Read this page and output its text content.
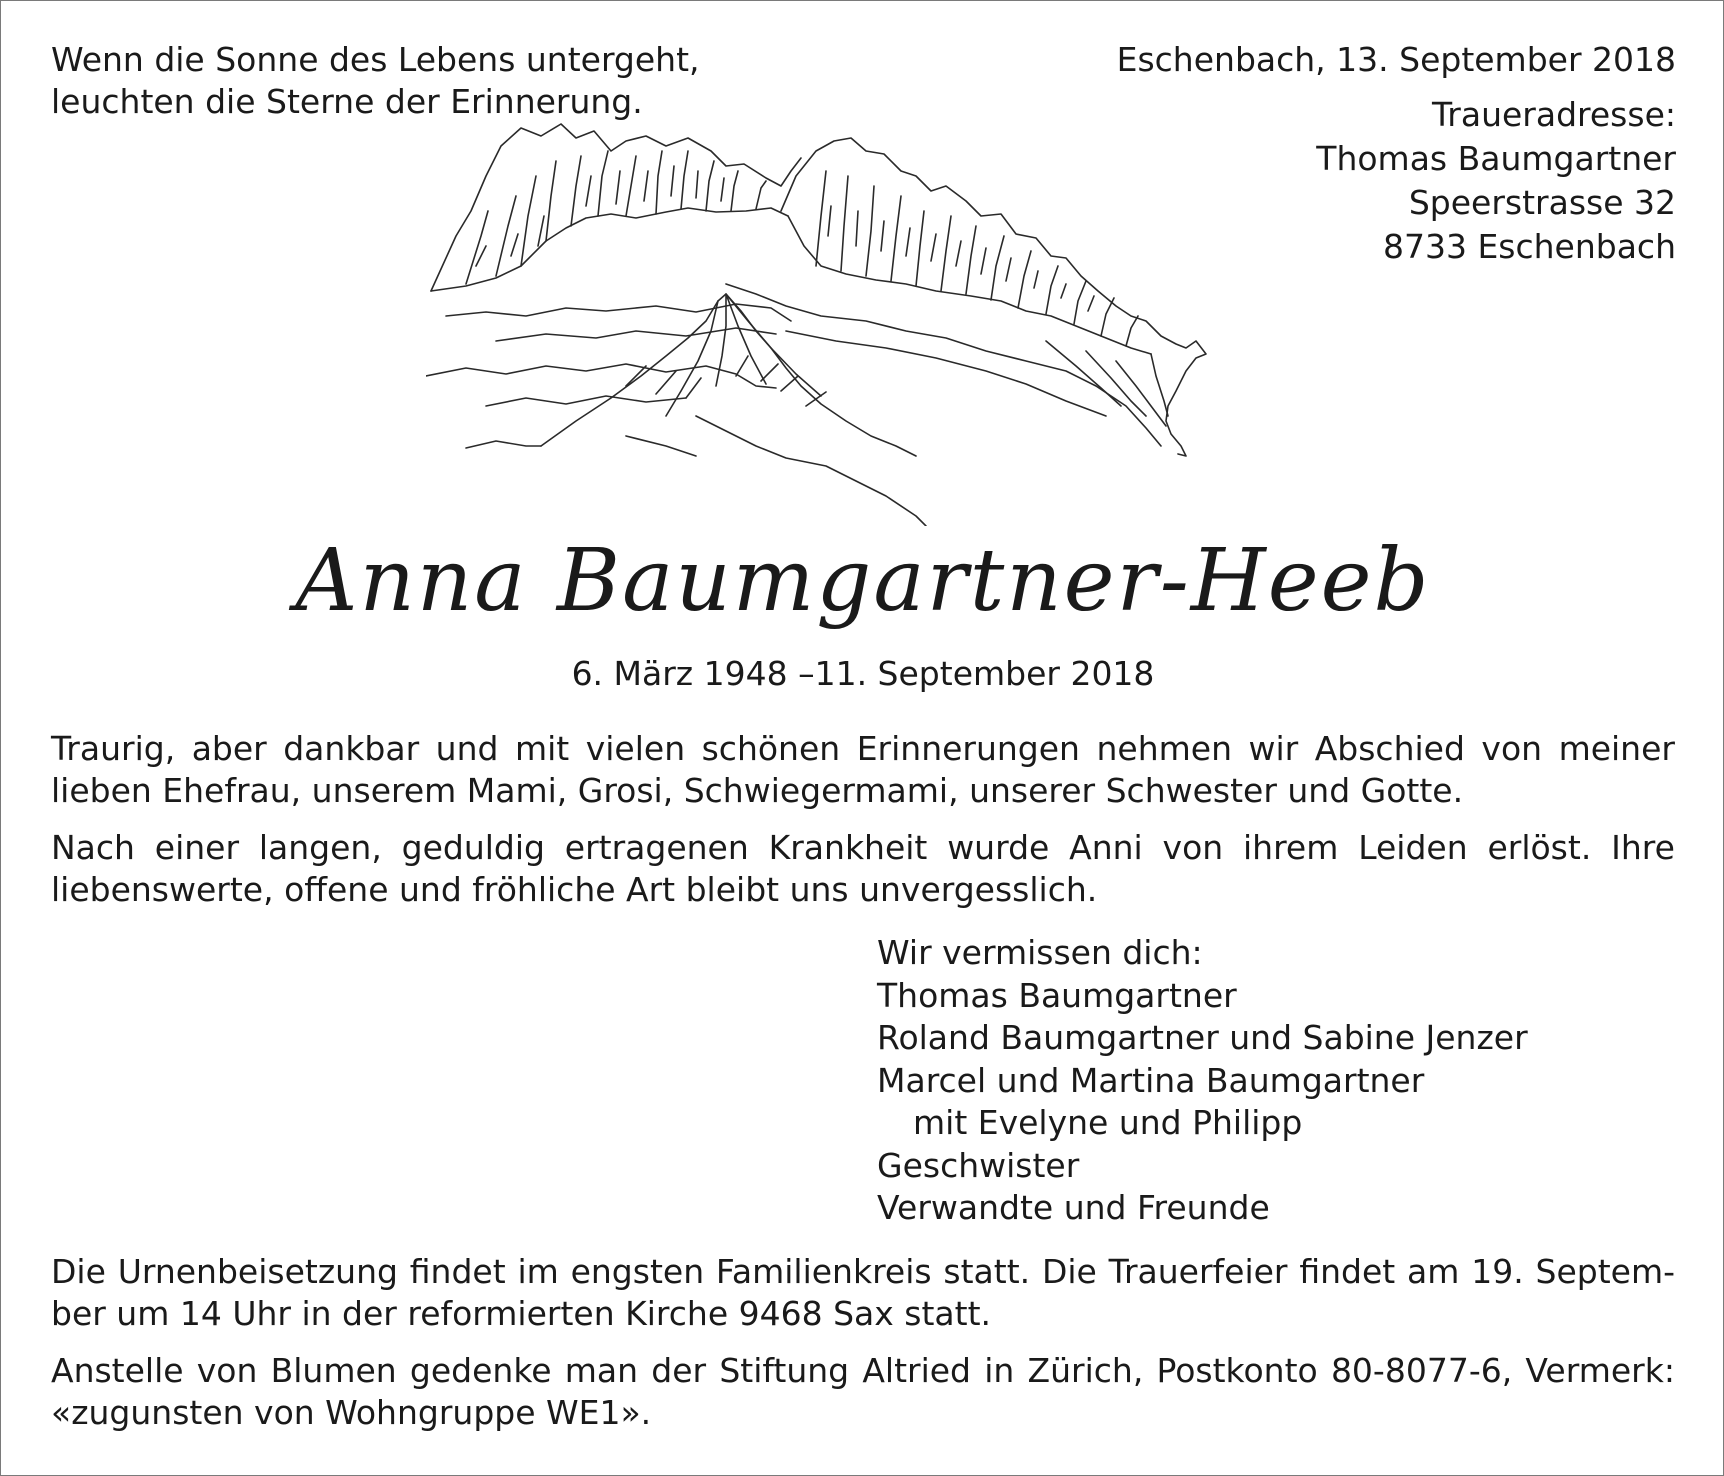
Wenn die Sonne des Lebens untergeht,
leuchten die Sterne der Erinnerung.
Eschenbach, 13. September 2018
Traueradresse:
Thomas Baumgartner
Speerstrasse 32
8733 Eschenbach
Anna Baumgartner-Heeb
6. März 1948 –11. September 2018
Traurig, aber dankbar und mit vielen schönen Erinnerungen nehmen wir Abschied von meiner
lieben Ehefrau, unserem Mami, Grosi, Schwiegermami, unserer Schwester und Gotte.
Nach einer langen, geduldig ertragenen Krankheit wurde Anni von ihrem Leiden erlöst. Ihre
liebenswerte, offene und fröhliche Art bleibt uns unvergesslich.
Wir vermissen dich:
Thomas Baumgartner
Roland Baumgartner und Sabine Jenzer
Marcel und Martina Baumgartner
mit Evelyne und Philipp
Geschwister
Verwandte und Freunde
Die Urnenbeisetzung findet im engsten Familienkreis statt. Die Trauerfeier findet am 19. Septem-
ber um 14 Uhr in der reformierten Kirche 9468 Sax statt.
Anstelle von Blumen gedenke man der Stiftung Altried in Zürich, Postkonto 80-8077-6, Vermerk:
«zugunsten von Wohngruppe WE1».
